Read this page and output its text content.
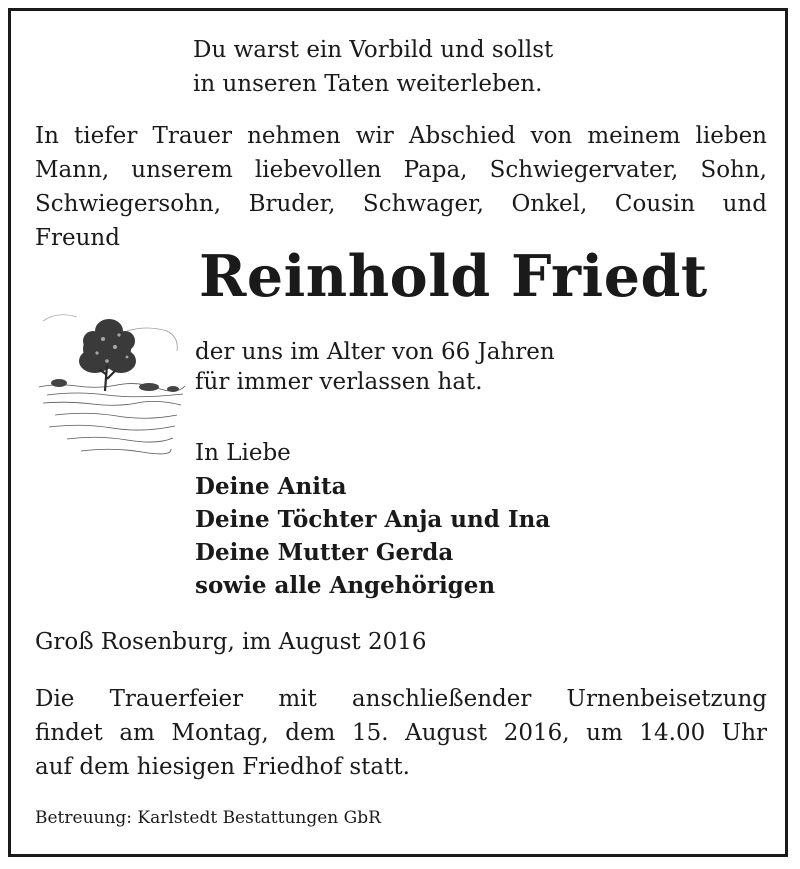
Du warst ein Vorbild und sollst
in unseren Taten weiterleben.
In tiefer Trauer nehmen wir Abschied von meinem lieben
Mann, unserem liebevollen Papa, Schwiegervater, Sohn,
Schwiegersohn, Bruder, Schwager, Onkel, Cousin und
Freund
Reinhold Friedt
der uns im Alter von 66 Jahren
für immer verlassen hat.
In Liebe
Deine Anita
Deine Töchter Anja und Ina
Deine Mutter Gerda
sowie alle Angehörigen
Groß Rosenburg, im August 2016
Die Trauerfeier mit anschließender Urnenbeisetzung
findet am Montag, dem 15. August 2016, um 14.00 Uhr
auf dem hiesigen Friedhof statt.
Betreuung: Karlstedt Bestattungen GbR
